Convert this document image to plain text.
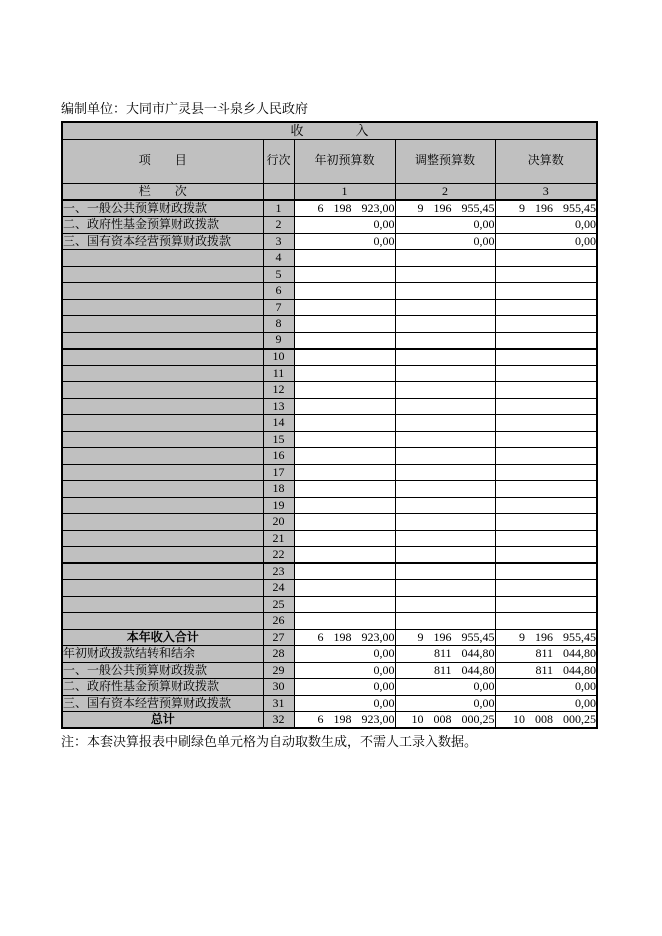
编制单位：大同市广灵县一斗泉乡人民政府
收　　　　入				
项　　目	行次	年初预算数	调整预算数	决算数
栏　　次		1	2	3
一、一般公共预算财政拨款	1	6 198 923,00	9 196 955,45	9 196 955,45
二、政府性基金预算财政拨款	2	0,00	0,00	0,00
三、国有资本经营预算财政拨款	3	0,00	0,00	0,00
	4			
	5			
	6			
	7			
	8			
	9			
	10			
	11			
	12			
	13			
	14			
	15			
	16			
	17			
	18			
	19			
	20			
	21			
	22			
	23			
	24			
	25			
	26			
本年收入合计	27	6 198 923,00	9 196 955,45	9 196 955,45
年初财政拨款结转和结余	28	0,00	811 044,80	811 044,80
一、一般公共预算财政拨款	29	0,00	811 044,80	811 044,80
二、政府性基金预算财政拨款	30	0,00	0,00	0,00
三、国有资本经营预算财政拨款	31	0,00	0,00	0,00
总计	32	6 198 923,00	10 008 000,25	10 008 000,25
注：本套决算报表中刷绿色单元格为自动取数生成，不需人工录入数据。
